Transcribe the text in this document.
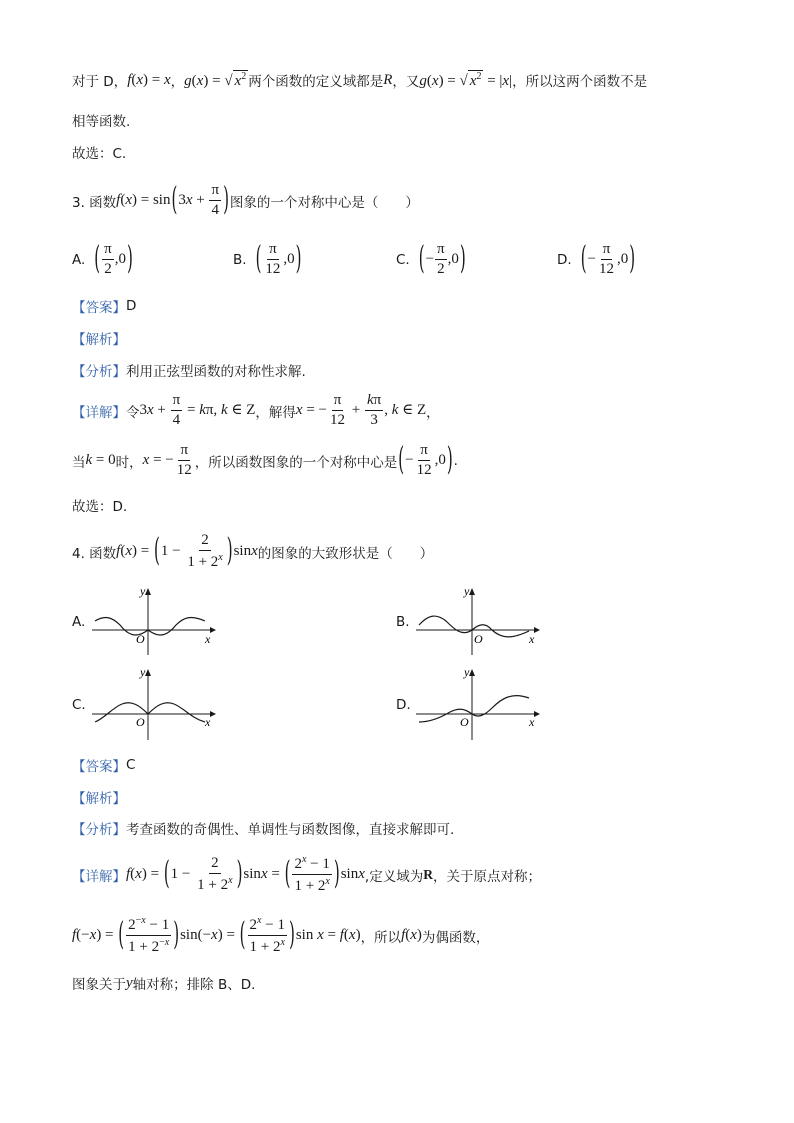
对于 D， f(x) = x ， g(x) = √ $x^2$ 两个函数的定义域都是 R ，又 g(x) = √ $x^2 = |x|$ ，所以这两个函数不是
相等函数.
故选：C.
3. 函数 $f(x) = \sin(3x + \frac{\pi}{4}$ ) 图象的一个对称中心是（　　）
A. ( $\frac{\pi}{2} ,0$)	B. ( $\frac{\pi}{12} ,0$)	C. (− $\frac{\pi}{2} ,0$)	D. (− $\frac{\pi}{12} ,0$)
【答案】 D
【解析】
【分析】 利用正弦型函数的对称性求解.
【详解】 令 $3x + \frac{\pi}{4} = k\pi$, k ∈ Z ，解得 x = − $\frac{\pi}{12} + \frac{k\pi}{3}$ , k ∈ Z ，
当 k = 0 时， x = − $\frac{\pi}{12}$ ，所以函数图象的一个对称中心是 (− $\frac{\pi}{12} ,0$) .
故选：D.
4. 函数 $f(x) = (1 - \frac{2}{1 + 2^x} )\sin x$ 的图象的大致形状是（　　）
A.
y
O	x
B.
y
O	x
C.
y
O	x
D.
y
O	x
【答案】 C
【解析】
【分析】 考查函数的奇偶性、单调性与函数图像，直接求解即可.
【详解】 $f(x) = (1 - \frac{2}{1 + 2^x} )\sin x$ = ( $\frac{2^x - 1}{1 + 2^x} )\sin x$ ,定义域为 R ，关于原点对称；
f(−x) = ( $\frac{2^{-x} - 1}{1 + 2^{-x}} )\sin(-x)$ = ( $\frac{2^x - 1}{1 + 2^x} )\sin$ x = f(x) ，所以 f(x) 为偶函数，
图象关于 y 轴对称；排除 B、D.
